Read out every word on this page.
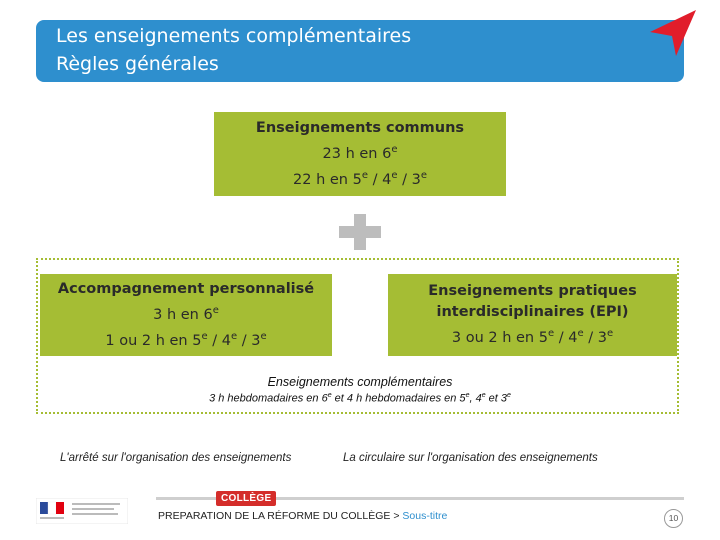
Les enseignements complémentaires
Règles générales
Enseignements communs
23 h en 6e
22 h en 5e / 4e / 3e
Accompagnement personnalisé
3 h en 6e
1 ou 2 h en 5e / 4e / 3e
Enseignements pratiques
interdisciplinaires (EPI)
3 ou 2 h en 5e / 4e / 3e
Enseignements complémentaires
3 h hebdomadaires en 6e et 4 h hebdomadaires en 5e, 4e et 3e
L'arrêté sur l'organisation des enseignements	La circulaire sur l'organisation des enseignements
COLLÈGE
PREPARATION DE LA RÉFORME DU COLLÈGE > Sous-titre	10
